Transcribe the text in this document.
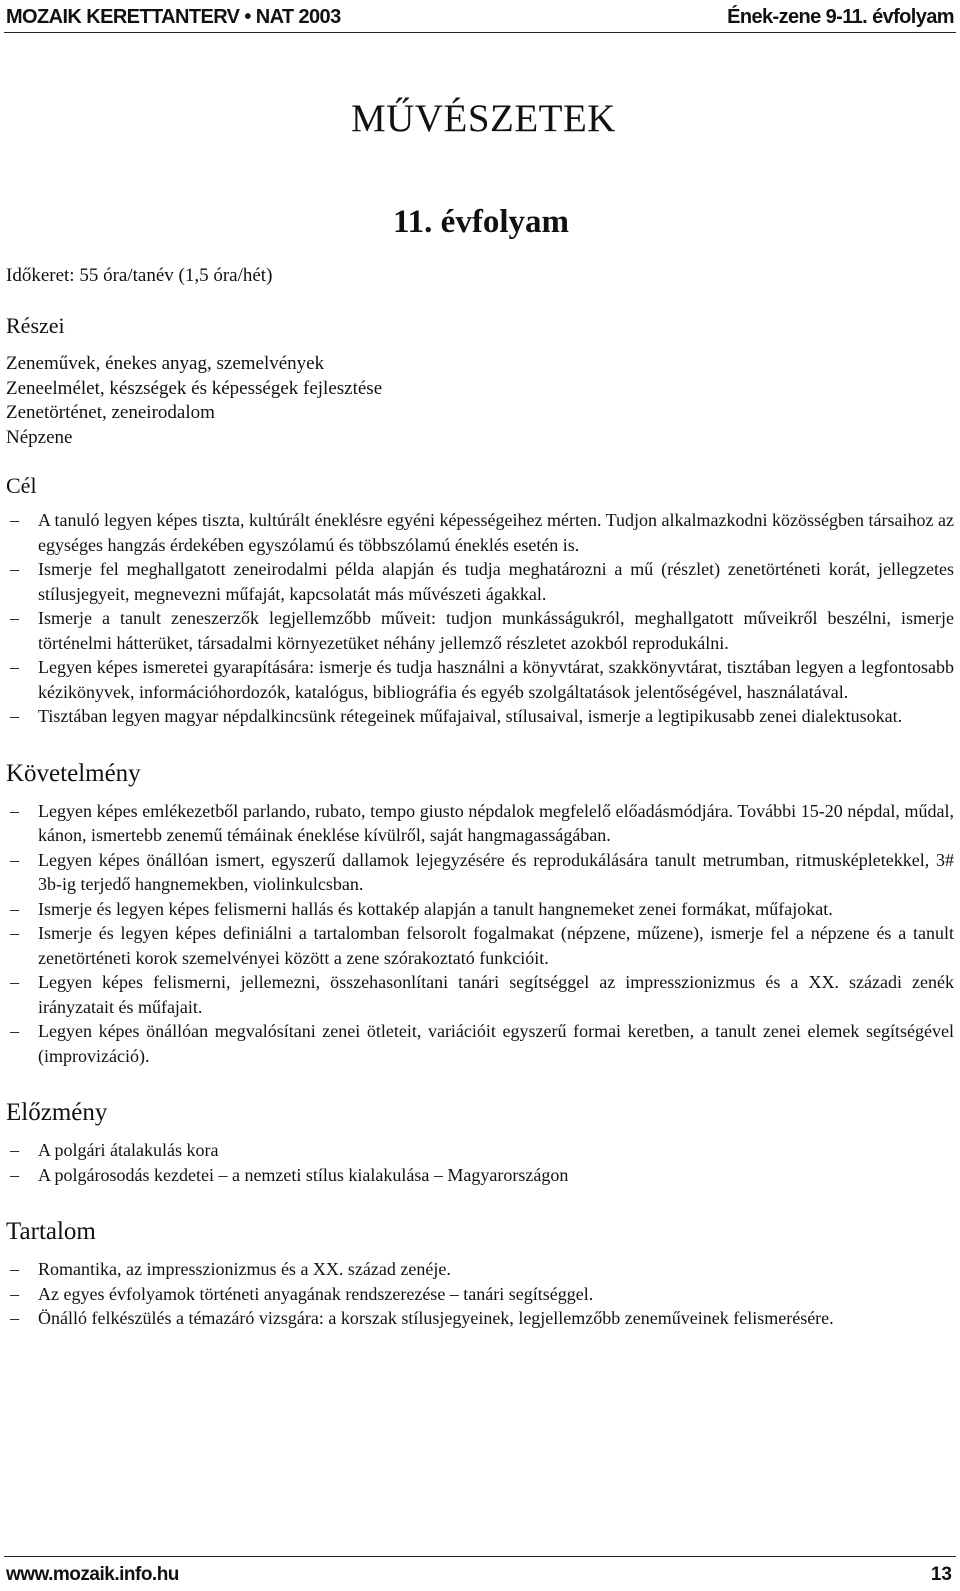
MOZAIK KERETTANTERV • NAT 2003	Ének-zene 9-11. évfolyam
MŰVÉSZETEK
11. évfolyam
Időkeret: 55 óra/tanév (1,5 óra/hét)
Részei
Zeneművek, énekes anyag, szemelvények
Zeneelmélet, készségek és képességek fejlesztése
Zenetörténet, zeneirodalom
Népzene
Cél
– A tanuló legyen képes tiszta, kultúrált éneklésre egyéni képességeihez mérten. Tudjon alkalmazkodni közösségben társaihoz az egységes hangzás érdekében egyszólamú és többszólamú éneklés esetén is.
– Ismerje fel meghallgatott zeneirodalmi példa alapján és tudja meghatározni a mű (részlet) zenetörténeti korát, jellegzetes stílusjegyeit, megnevezni műfaját, kapcsolatát más művészeti ágakkal.
– Ismerje a tanult zeneszerzők legjellemzőbb műveit: tudjon munkásságukról, meghallgatott műveikről beszélni, ismerje történelmi hátterüket, társadalmi környezetüket néhány jellemző részletet azokból reprodukálni.
– Legyen képes ismeretei gyarapítására: ismerje és tudja használni a könyvtárat, szakkönyvtárat, tisztában legyen a legfontosabb kézikönyvek, információhordozók, katalógus, bibliográfia és egyéb szolgáltatások jelentőségével, használatával.
– Tisztában legyen magyar népdalkincsünk rétegeinek műfajaival, stílusaival, ismerje a legtipikusabb zenei dialektusokat.
Követelmény
– Legyen képes emlékezetből parlando, rubato, tempo giusto népdalok megfelelő előadásmódjára. További 15-20 népdal, műdal, kánon, ismertebb zenemű témáinak éneklése kívülről, saját hangmagasságában.
– Legyen képes önállóan ismert, egyszerű dallamok lejegyzésére és reprodukálására tanult metrumban, ritmusképletekkel, 3# 3b-ig terjedő hangnemekben, violinkulcsban.
– Ismerje és legyen képes felismerni hallás és kottakép alapján a tanult hangnemeket zenei formákat, műfajokat.
– Ismerje és legyen képes definiálni a tartalomban felsorolt fogalmakat (népzene, műzene), ismerje fel a népzene és a tanult zenetörténeti korok szemelvényei között a zene szórakoztató funkcióit.
– Legyen képes felismerni, jellemezni, összehasonlítani tanári segítséggel az impresszionizmus és a XX. századi zenék irányzatait és műfajait.
– Legyen képes önállóan megvalósítani zenei ötleteit, variációit egyszerű formai keretben, a tanult zenei elemek segítségével (improvizáció).
Előzmény
– A polgári átalakulás kora
– A polgárosodás kezdetei – a nemzeti stílus kialakulása – Magyarországon
Tartalom
– Romantika, az impresszionizmus és a XX. század zenéje.
– Az egyes évfolyamok történeti anyagának rendszerezése – tanári segítséggel.
– Önálló felkészülés a témazáró vizsgára: a korszak stílusjegyeinek, legjellemzőbb zeneműveinek felismerésére.
www.mozaik.info.hu	13
